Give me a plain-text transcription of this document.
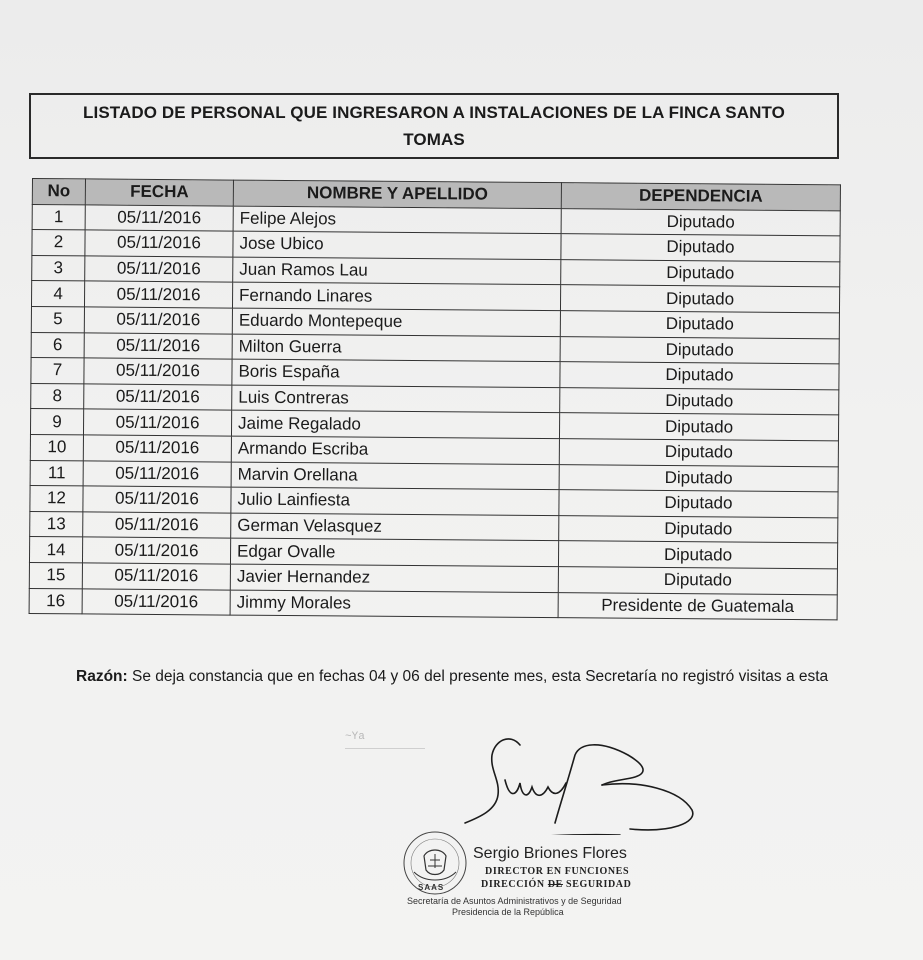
LISTADO DE PERSONAL QUE INGRESARON A INSTALACIONES DE LA FINCA SANTO
TOMAS
No	FECHA	NOMBRE Y APELLIDO	DEPENDENCIA
1	05/11/2016	Felipe Alejos	Diputado
2	05/11/2016	Jose Ubico	Diputado
3	05/11/2016	Juan Ramos Lau	Diputado
4	05/11/2016	Fernando Linares	Diputado
5	05/11/2016	Eduardo Montepeque	Diputado
6	05/11/2016	Milton Guerra	Diputado
7	05/11/2016	Boris España	Diputado
8	05/11/2016	Luis Contreras	Diputado
9	05/11/2016	Jaime Regalado	Diputado
10	05/11/2016	Armando Escriba	Diputado
11	05/11/2016	Marvin Orellana	Diputado
12	05/11/2016	Julio Lainfiesta	Diputado
13	05/11/2016	German Velasquez	Diputado
14	05/11/2016	Edgar Ovalle	Diputado
15	05/11/2016	Javier Hernandez	Diputado
16	05/11/2016	Jimmy Morales	Presidente de Guatemala
Razón: Se deja constancia que en fechas 04 y 06 del presente mes, esta Secretaría no registró visitas a esta
~Ya
SAAS
Sergio Briones Flores
DIRECTOR EN FUNCIONES
DIRECCIÓN DE SEGURIDAD
Secretaría de Asuntos Administrativos y de Seguridad
Presidencia de la República
